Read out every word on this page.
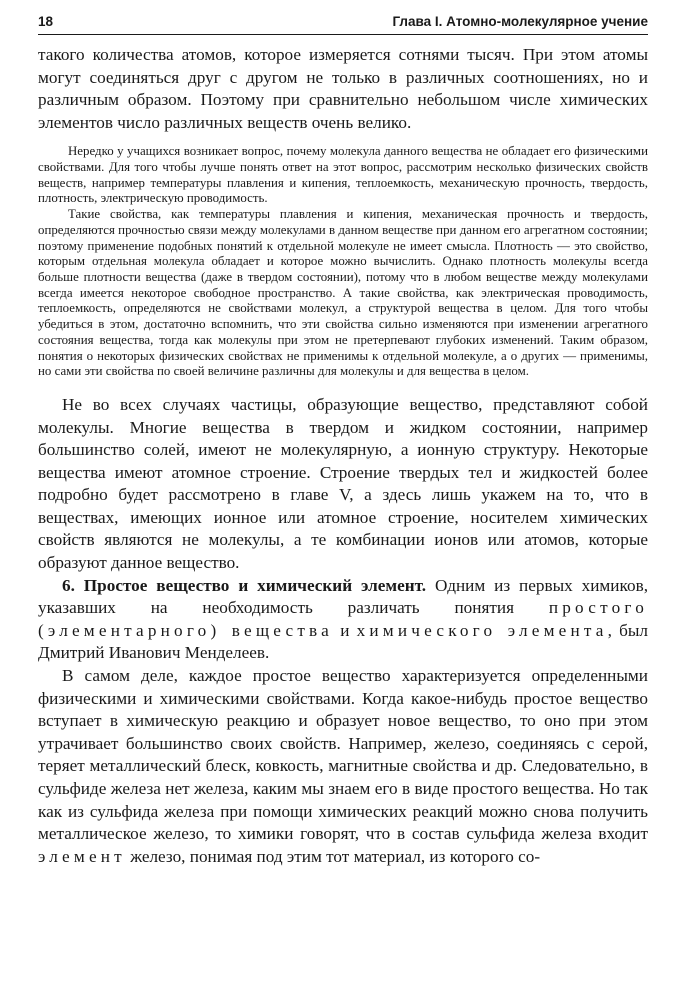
18	Глава I. Атомно-молекулярное учение

такого количества атомов, которое измеряется сотнями тысяч. При этом атомы могут соединяться друг с другом не только в различных соотношениях, но и различным образом. Поэтому при сравнительно небольшом числе химических элементов число различных веществ очень велико.

Нередко у учащихся возникает вопрос, почему молекула данного вещества не обладает его физическими свойствами. Для того чтобы лучше понять ответ на этот вопрос, рассмотрим несколько физических свойств веществ, например температуры плавления и кипения, теплоемкость, механическую прочность, твердость, плотность, электрическую проводимость.

Такие свойства, как температуры плавления и кипения, механическая прочность и твердость, определяются прочностью связи между молекулами в данном веществе при данном его агрегатном состоянии; поэтому применение подобных понятий к отдельной молекуле не имеет смысла. Плотность — это свойство, которым отдельная молекула обладает и которое можно вычислить. Однако плотность молекулы всегда больше плотности вещества (даже в твердом состоянии), потому что в любом веществе между молекулами всегда имеется некоторое свободное пространство. А такие свойства, как электрическая проводимость, теплоемкость, определяются не свойствами молекул, а структурой вещества в целом. Для того чтобы убедиться в этом, достаточно вспомнить, что эти свойства сильно изменяются при изменении агрегатного состояния вещества, тогда как молекулы при этом не претерпевают глубоких изменений. Таким образом, понятия о некоторых физических свойствах не применимы к отдельной молекуле, а о других — применимы, но сами эти свойства по своей величине различны для молекулы и для вещества в целом.

Не во всех случаях частицы, образующие вещество, представляют собой молекулы. Многие вещества в твердом и жидком состоянии, например большинство солей, имеют не молекулярную, а ионную структуру. Некоторые вещества имеют атомное строение. Строение твердых тел и жидкостей более подробно будет рассмотрено в главе V, а здесь лишь укажем на то, что в веществах, имеющих ионное или атомное строение, носителем химических свойств являются не молекулы, а те комбинации ионов или атомов, которые образуют данное вещество.

6. Простое вещество и химический элемент. Одним из первых химиков, указавших на необходимость различать понятия простого (элементарного) вещества и химического элемента, был Дмитрий Иванович Менделеев.

В самом деле, каждое простое вещество характеризуется определенными физическими и химическими свойствами. Когда какое-нибудь простое вещество вступает в химическую реакцию и образует новое вещество, то оно при этом утрачивает большинство своих свойств. Например, железо, соединяясь с серой, теряет металлический блеск, ковкость, магнитные свойства и др. Следовательно, в сульфиде железа нет железа, каким мы знаем его в виде простого вещества. Но так как из сульфида железа при помощи химических реакций можно снова получить металлическое железо, то химики говорят, что в состав сульфида железа входит элемент железо, понимая под этим тот материал, из которого со-
